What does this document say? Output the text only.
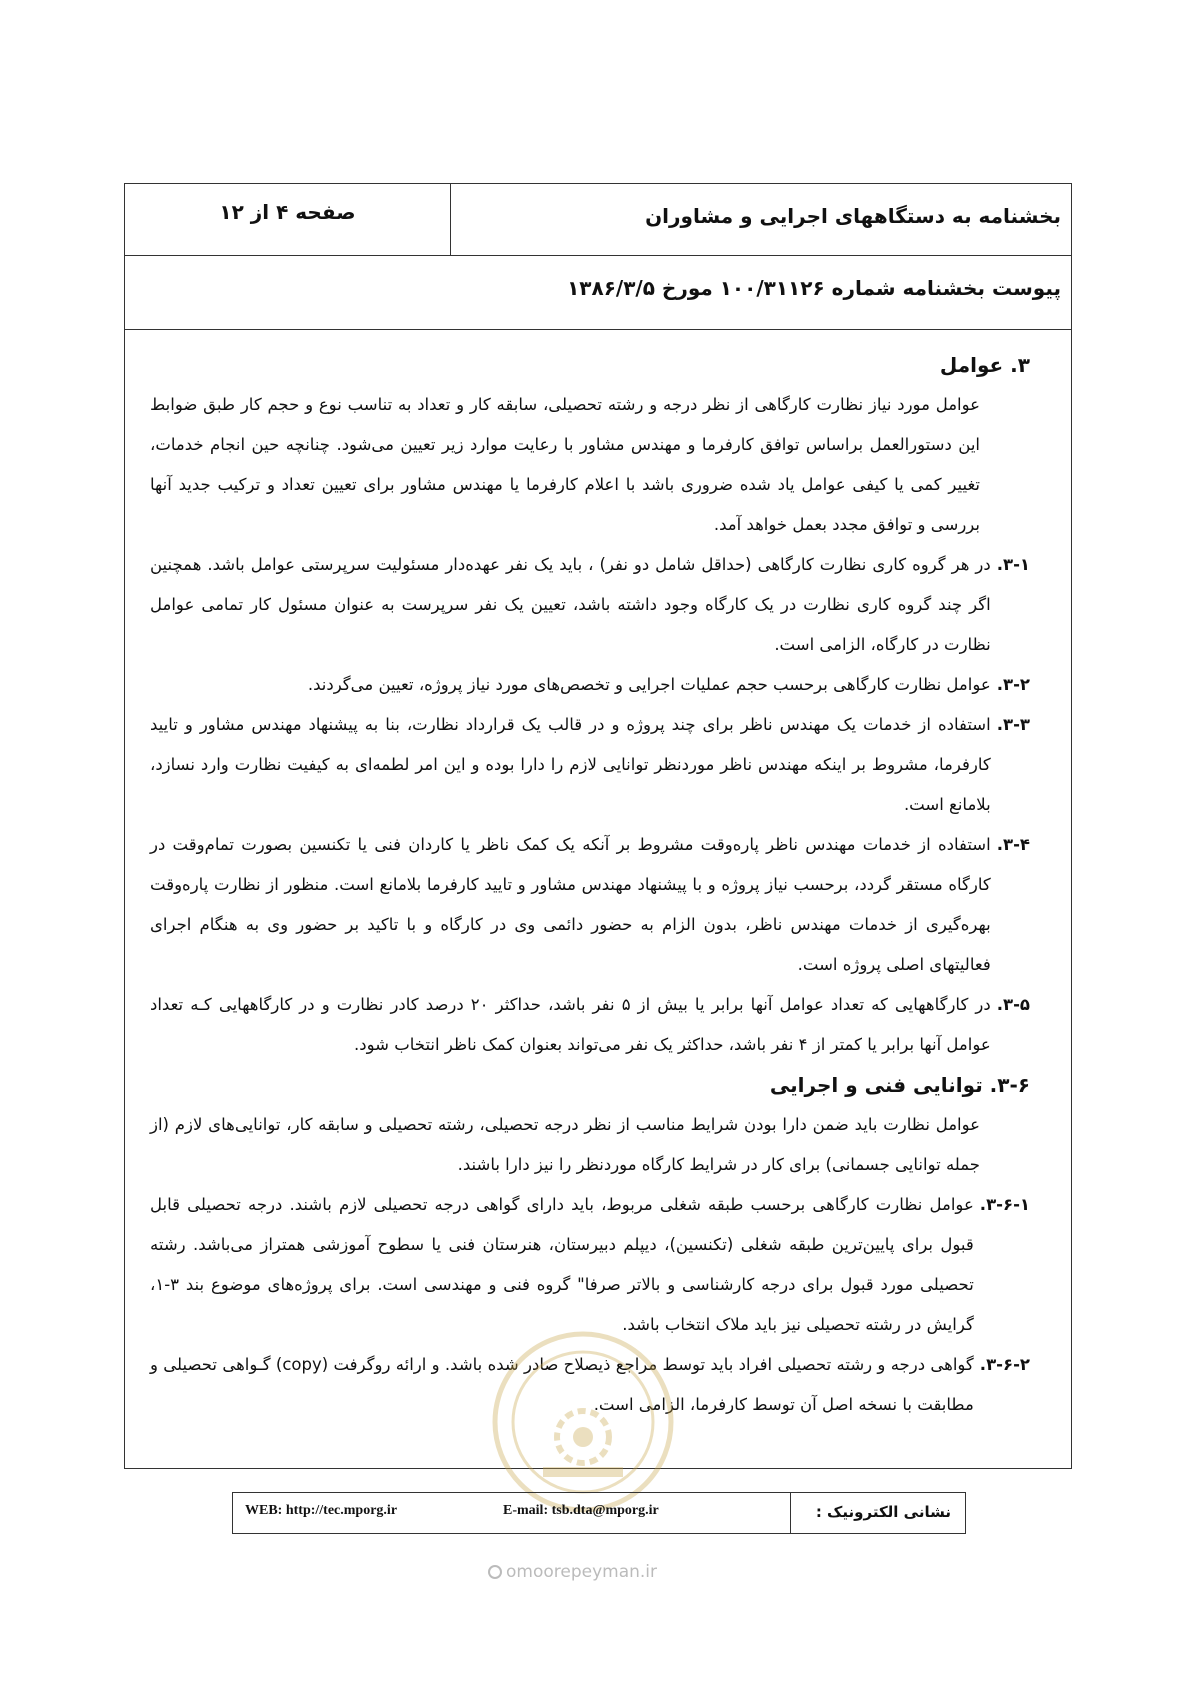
بخشنامه به دستگاههای اجرایی و مشاوران
صفحه ۴ از ۱۲
پیوست بخشنامه شماره ۱۰۰/۳۱۱۲۶ مورخ ۱۳۸۶/۳/۵

۳. عوامل

عوامل مورد نیاز نظارت کارگاهی از نظر درجه و رشته تحصیلی، سابقه کار و تعداد به تناسب نوع و حجم کار طبق ضوابط این دستورالعمل براساس توافق کارفرما و مهندس مشاور با رعایت موارد زیر تعیین می‌شود. چنانچه حین انجام خدمات، تغییر کمی یا کیفی عوامل یاد شده ضروری باشد با اعلام کارفرما یا مهندس مشاور برای تعیین تعداد و ترکیب جدید آنها بررسی و توافق مجدد بعمل خواهد آمد.

۳-۱.
در هر گروه کاری نظارت کارگاهی (حداقل شامل دو نفر) ، باید یک نفر عهده‌دار مسئولیت سرپرستی عوامل باشد. همچنین اگر چند گروه کاری نظارت در یک کارگاه وجود داشته باشد، تعیین یک نفر سرپرست به عنوان مسئول کار تمامی عوامل نظارت در کارگاه، الزامی است.
۳-۲.
عوامل نظارت کارگاهی برحسب حجم عملیات اجرایی و تخصص‌های مورد نیاز پروژه، تعیین می‌گردند.
۳-۳.
استفاده از خدمات یک مهندس ناظر برای چند پروژه و در قالب یک قرارداد نظارت، بنا به پیشنهاد مهندس مشاور و تایید کارفرما، مشروط بر اینکه مهندس ناظر موردنظر توانایی لازم را دارا بوده و این امر لطمه‌ای به کیفیت نظارت وارد نسازد، بلامانع است.
۳-۴.
استفاده از خدمات مهندس ناظر پاره‌وقت مشروط بر آنکه یک کمک ناظر یا کاردان فنی یا تکنسین بصورت تمام‌وقت در کارگاه مستقر گردد، برحسب نیاز پروژه و با پیشنهاد مهندس مشاور و تایید کارفرما بلامانع است. منظور از نظارت پاره‌وقت بهره‌گیری از خدمات مهندس ناظر، بدون الزام به حضور دائمی وی در کارگاه و با تاکید بر حضور وی به هنگام اجرای فعالیتهای اصلی پروژه است.
۳-۵.
در کارگاههایی که تعداد عوامل آنها برابر یا بیش از ۵ نفر باشد، حداکثر ۲۰ درصد کادر نظارت و در کارگاههایی کـه تعداد عوامل آنها برابر یا کمتر از ۴ نفر باشد، حداکثر یک نفر می‌تواند بعنوان کمک ناظر انتخاب شود.

۳-۶. توانایی فنی و اجرایی

عوامل نظارت باید ضمن دارا بودن شرایط مناسب از نظر درجه تحصیلی، رشته تحصیلی و سابقه کار، توانایی‌های لازم (از جمله توانایی جسمانی) برای کار در شرایط کارگاه موردنظر را نیز دارا باشند.

۳-۶-۱.
عوامل نظارت کارگاهی برحسب طبقه شغلی مربوط، باید دارای گواهی درجه تحصیلی لازم باشند. درجه تحصیلی قابل قبول برای پایین‌ترین طبقه شغلی (تکنسین)، دیپلم دبیرستان، هنرستان فنی یا سطوح آموزشی همتراز می‌باشد. رشته تحصیلی مورد قبول برای درجه کارشناسی و بالاتر صرفا" گروه فنی و مهندسی است. برای پروژه‌های موضوع بند ۳-۱، گرایش در رشته تحصیلی نیز باید ملاک انتخاب باشد.
۳-۶-۲.
گواهی درجه و رشته تحصیلی افراد باید توسط مراجع ذیصلاح صادر شده باشد. و ارائه روگرفت (copy) گـواهی تحصیلی و مطابقت با نسخه اصل آن توسط کارفرما، الزامی است.
نشانی الکترونیک :
WEB: http://tec.mporg.ir	E-mail: tsb.dta@mporg.ir
omoorepeyman.ir
